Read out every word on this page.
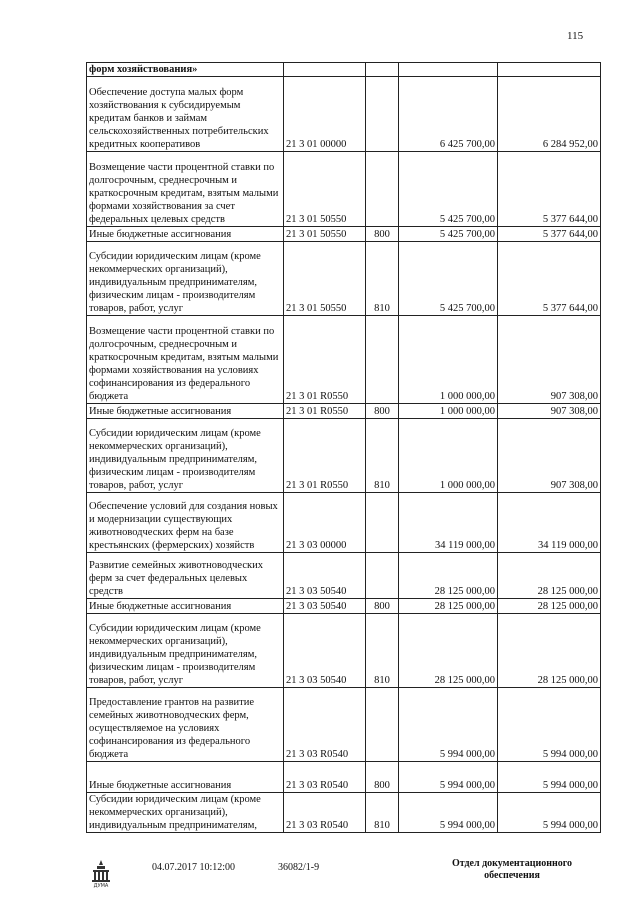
115
форм хозяйствования»				
Обеспечение доступа малых форм хозяйствования к субсидируемым кредитам банков и займам сельскохозяйственных потребительских кредитных кооперативов	21 3 01 00000		6 425 700,00	6 284 952,00
Возмещение части процентной ставки по долгосрочным, среднесрочным и краткосрочным кредитам, взятым малыми формами хозяйствования за счет федеральных целевых средств	21 3 01 50550		5 425 700,00	5 377 644,00
Иные бюджетные ассигнования	21 3 01 50550	800	5 425 700,00	5 377 644,00
Субсидии юридическим лицам (кроме некоммерческих организаций), индивидуальным предпринимателям, физическим лицам - производителям товаров, работ, услуг	21 3 01 50550	810	5 425 700,00	5 377 644,00
Возмещение части процентной ставки по долгосрочным, среднесрочным и краткосрочным кредитам, взятым малыми формами хозяйствования на условиях софинансирования из федерального бюджета	21 3 01 R0550		1 000 000,00	907 308,00
Иные бюджетные ассигнования	21 3 01 R0550	800	1 000 000,00	907 308,00
Субсидии юридическим лицам (кроме некоммерческих организаций), индивидуальным предпринимателям, физическим лицам - производителям товаров, работ, услуг	21 3 01 R0550	810	1 000 000,00	907 308,00
Обеспечение условий для создания новых и модернизации существующих животноводческих ферм на базе крестьянских (фермерских) хозяйств	21 3 03 00000		34 119 000,00	34 119 000,00
Развитие семейных животноводческих ферм за счет федеральных целевых средств	21 3 03 50540		28 125 000,00	28 125 000,00
Иные бюджетные ассигнования	21 3 03 50540	800	28 125 000,00	28 125 000,00
Субсидии юридическим лицам (кроме некоммерческих организаций), индивидуальным предпринимателям, физическим лицам - производителям товаров, работ, услуг	21 3 03 50540	810	28 125 000,00	28 125 000,00
Предоставление грантов на развитие семейных животноводческих ферм, осуществляемое на условиях софинансирования из федерального бюджета	21 3 03 R0540		5 994 000,00	5 994 000,00
Иные бюджетные ассигнования	21 3 03 R0540	800	5 994 000,00	5 994 000,00
Субсидии юридическим лицам (кроме некоммерческих организаций), индивидуальным предпринимателям,	21 3 03 R0540	810	5 994 000,00	5 994 000,00
ДУМА
04.07.2017 10:12:00	36082/1-9	Отдел документационного обеспечения
